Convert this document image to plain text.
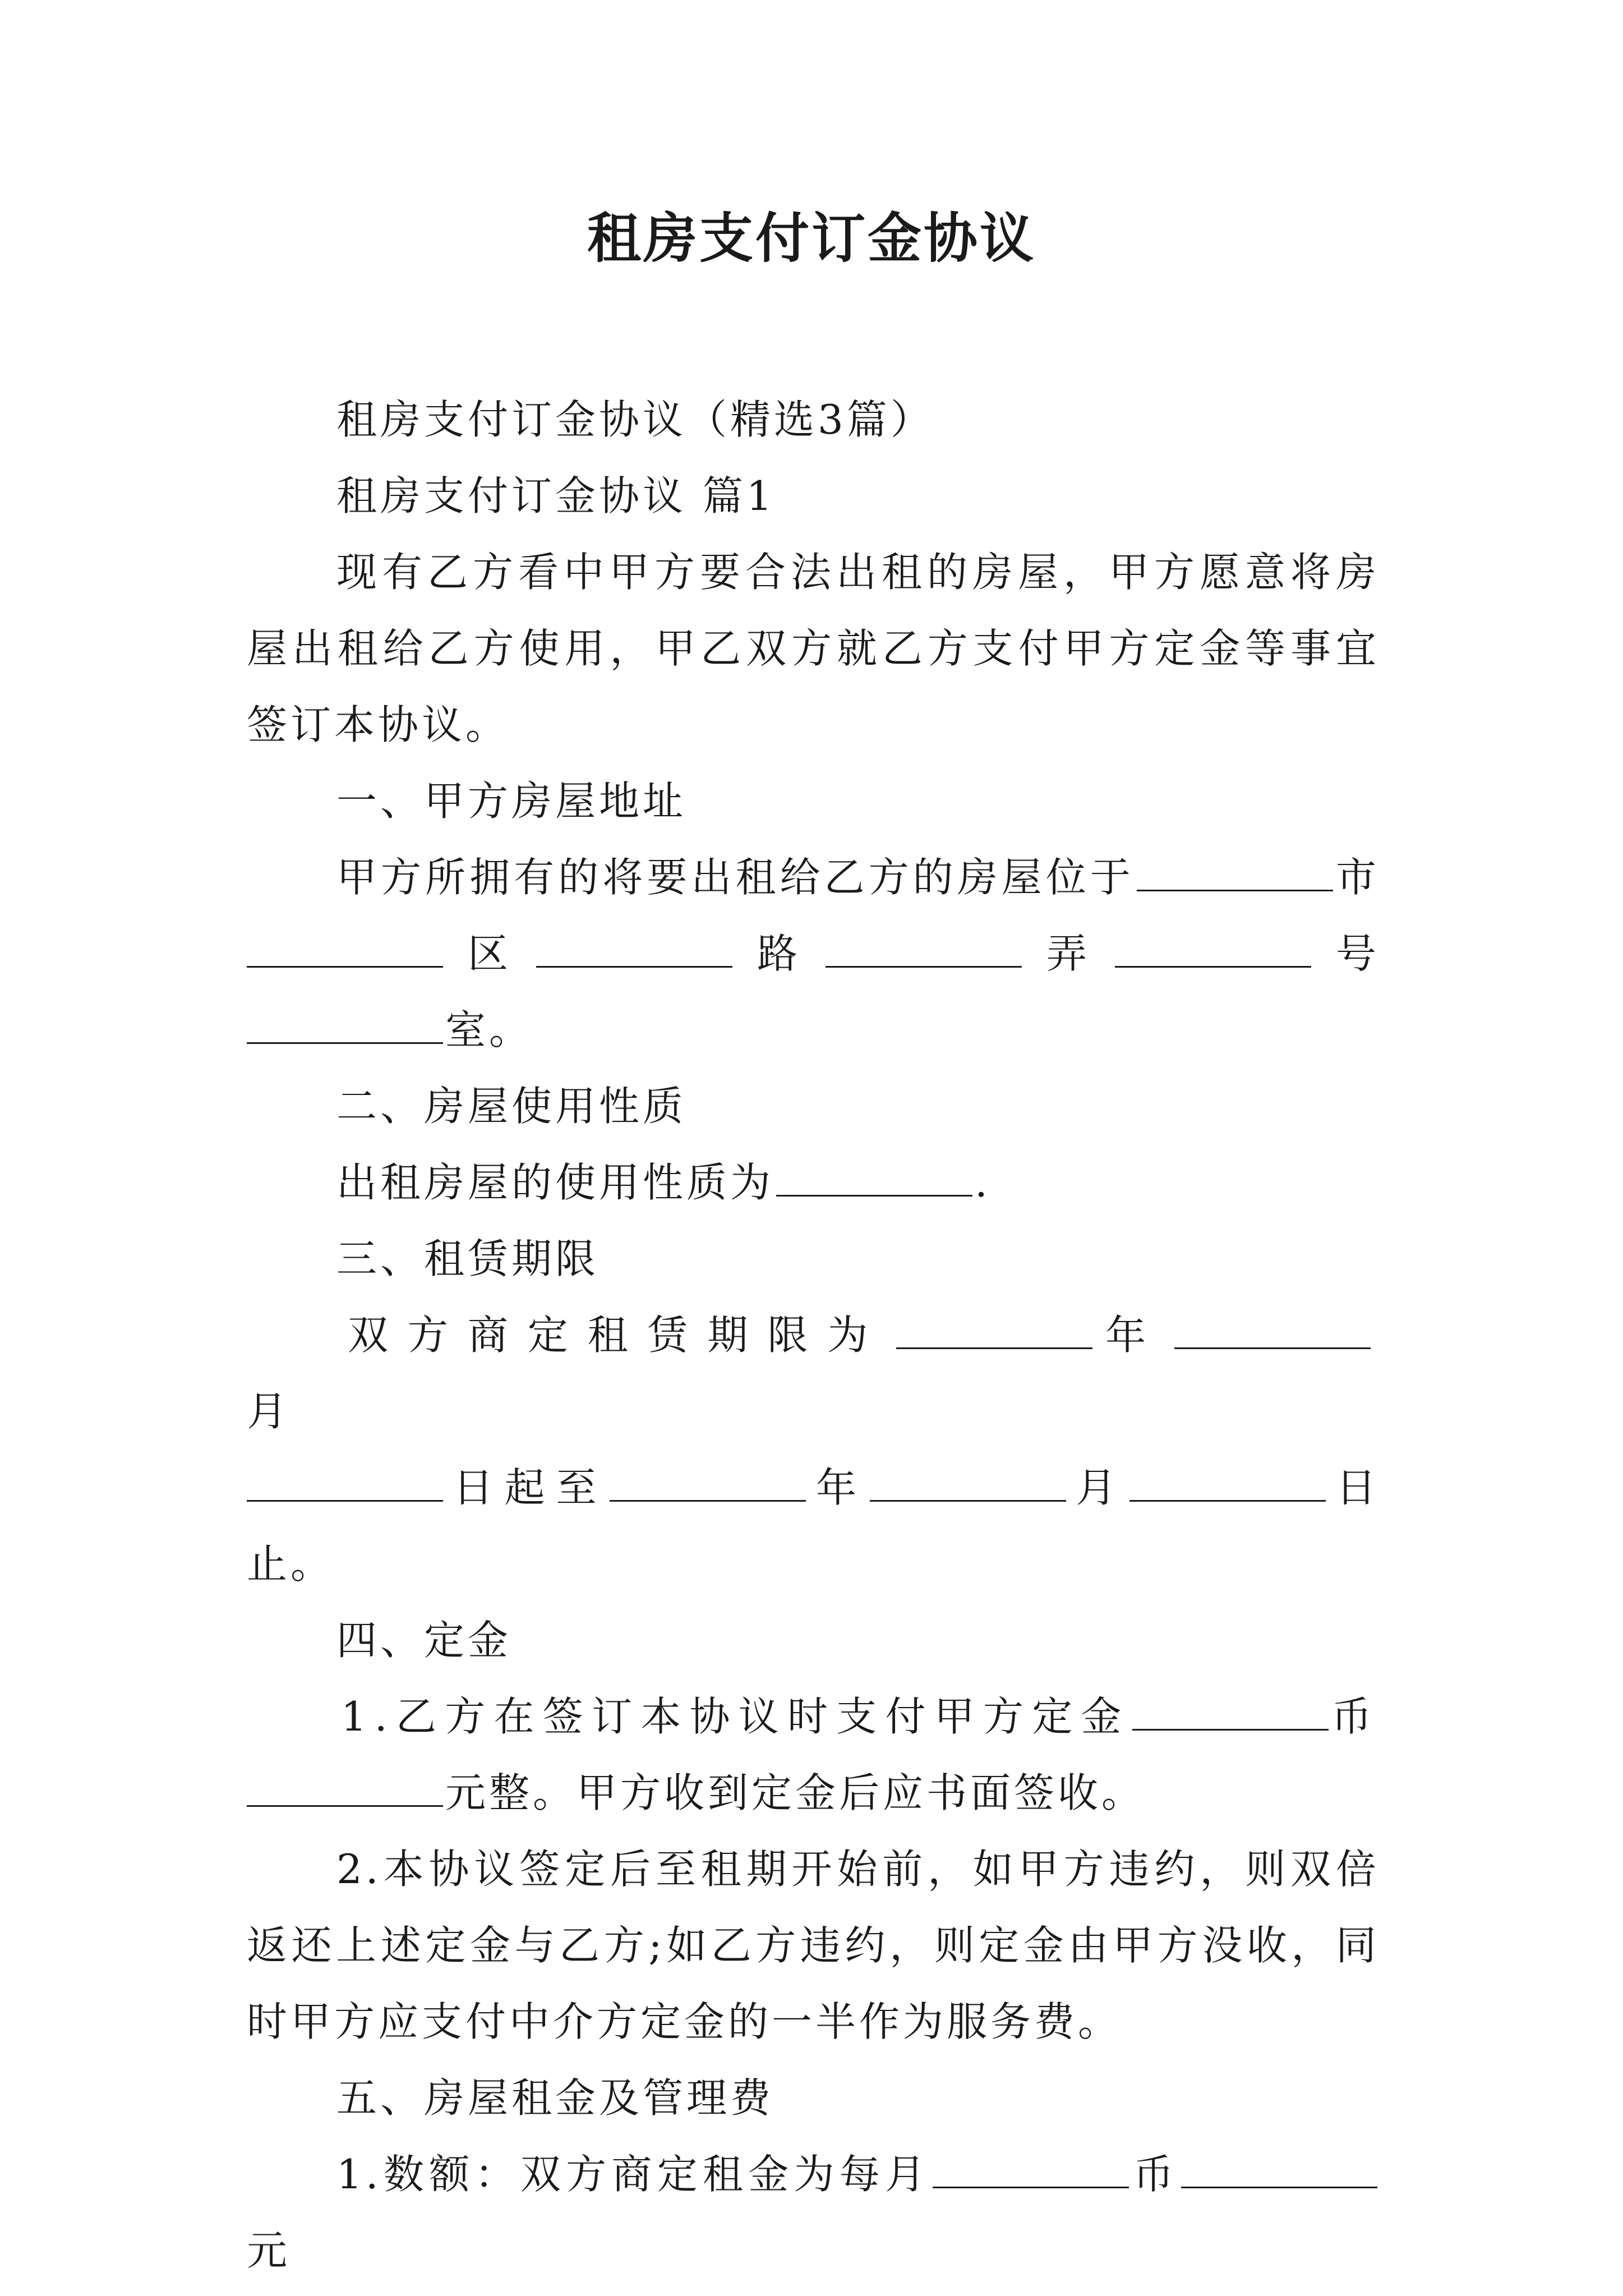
租房支付订金协议

租房支付订金协议（精选3篇）

租房支付订金协议 篇1

现有乙方看中甲方要合法出租的房屋，甲方愿意将房屋出租给乙方使用，甲乙双方就乙方支付甲方定金等事宜签订本协议。

一、甲方房屋地址

甲方所拥有的将要出租给乙方的房屋位于	市

区	路	弄	号

室。

二、房屋使用性质

出租房屋的使用性质为	.

三、租赁期限

双方商定租赁期限为	年月

日起至	年	月	日止。

四、定金

1.乙方在签订本协议时支付甲方定金	币

元整。甲方收到定金后应书面签收。

2.本协议签定后至租期开始前，如甲方违约，则双倍返还上述定金与乙方;如乙方违约，则定金由甲方没收，同时甲方应支付中介方定金的一半作为服务费。

五、房屋租金及管理费

1.数额：双方商定租金为每月	币元
